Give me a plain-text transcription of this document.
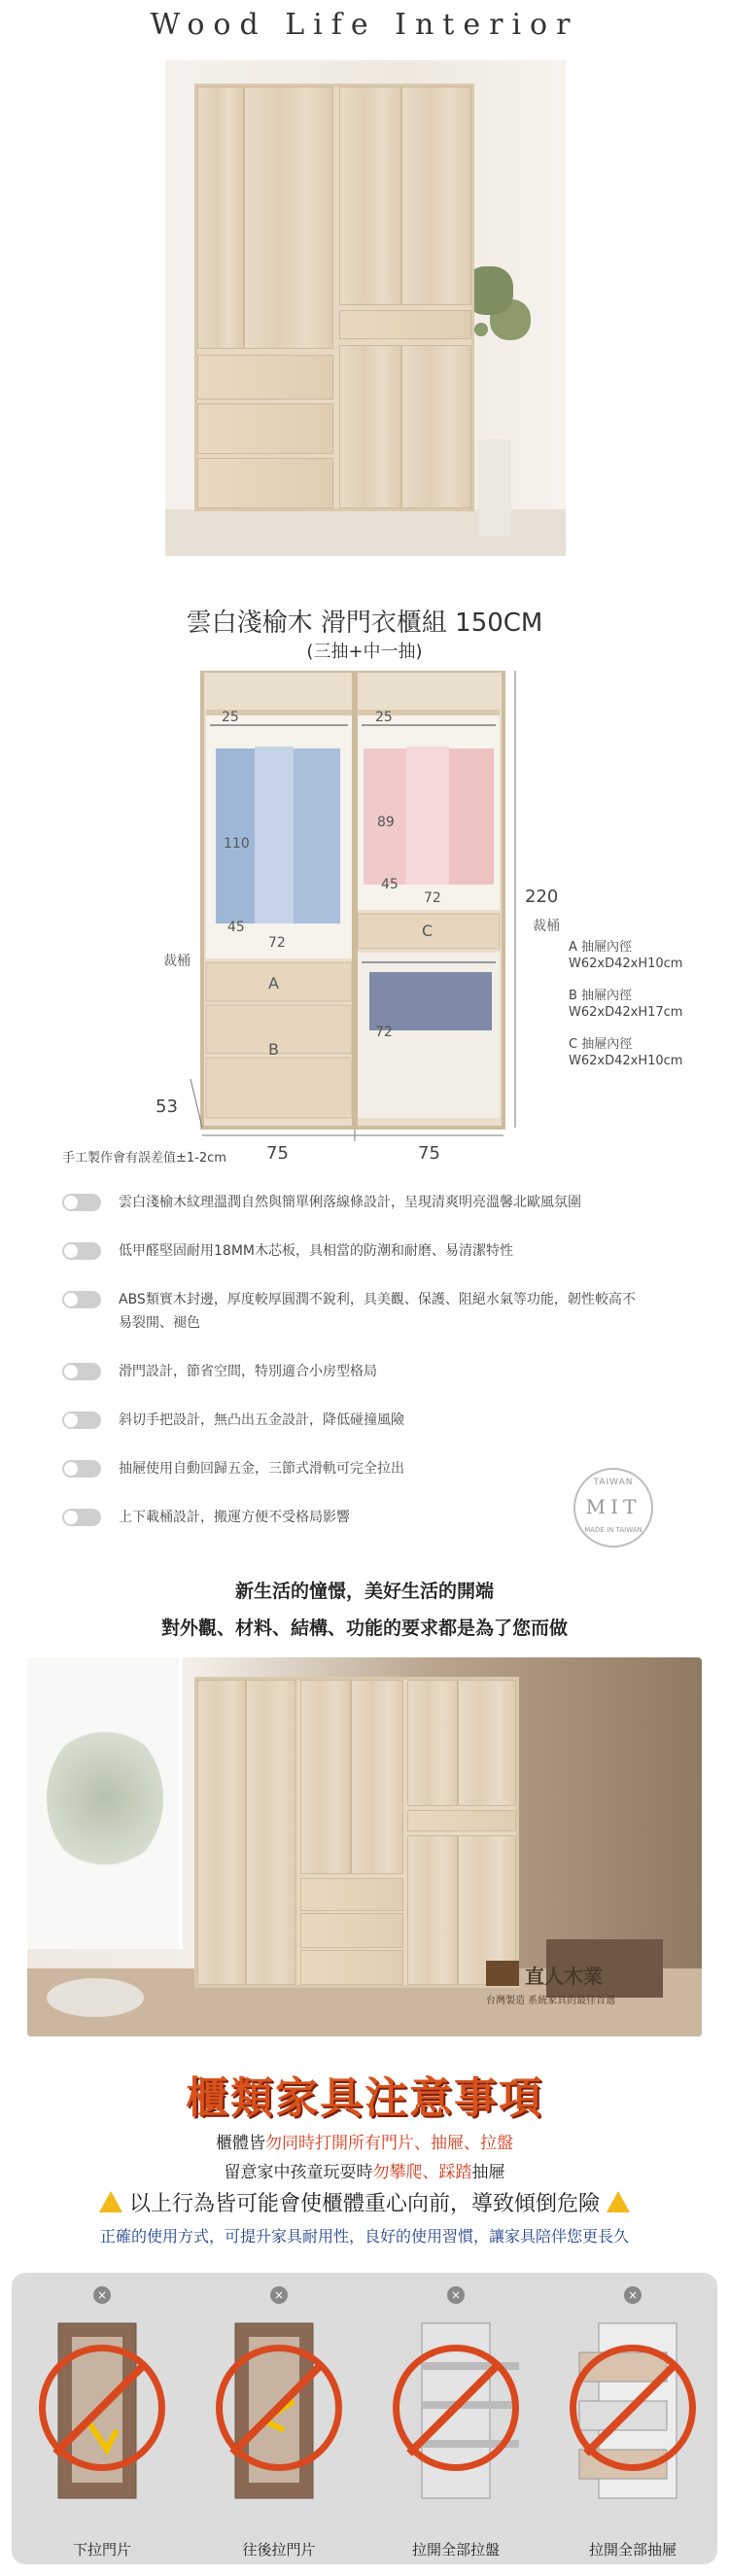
Wood Life Interior
雲白淺榆木 滑門衣櫃組 150CM
(三抽+中一抽)
25	25
110
89
45
45
72
72
72
A
B
C
裁桶
裁桶
220
53
75	75
A 抽屜內徑
W62xD42xH10cm
B 抽屜內徑
W62xD42xH17cm
C 抽屜內徑
W62xD42xH10cm
手工製作會有誤差值±1-2cm
雲白淺榆木紋理溫潤自然與簡單俐落線條設計，呈現清爽明亮溫馨北歐風氛圍
低甲醛堅固耐用18MM木芯板，具相當的防潮和耐磨、易清潔特性
ABS類實木封邊，厚度較厚圓潤不銳利，具美觀、保護、阻絕水氣等功能，韌性較高不易裂開、褪色
滑門設計，節省空間，特別適合小房型格局
斜切手把設計，無凸出五金設計，降低碰撞風險
抽屜使用自動回歸五金，三節式滑軌可完全拉出
上下載桶設計，搬運方便不受格局影響
TAIWAN
MIT
MADE IN TAIWAN
新生活的憧憬，美好生活的開端
對外觀、材料、結構、功能的要求都是為了您而做
直人木業
台灣製造 系統家具的最佳首選
櫃類家具注意事項
櫃體皆勿同時打開所有門片、抽屜、拉盤
留意家中孩童玩耍時勿攀爬、踩踏抽屜
以上行為皆可能會使櫃體重心向前，導致傾倒危險
正確的使用方式，可提升家具耐用性，良好的使用習慣，讓家具陪伴您更長久
×
下拉門片
×
往後拉門片
×
拉開全部拉盤
×
拉開全部抽屜
